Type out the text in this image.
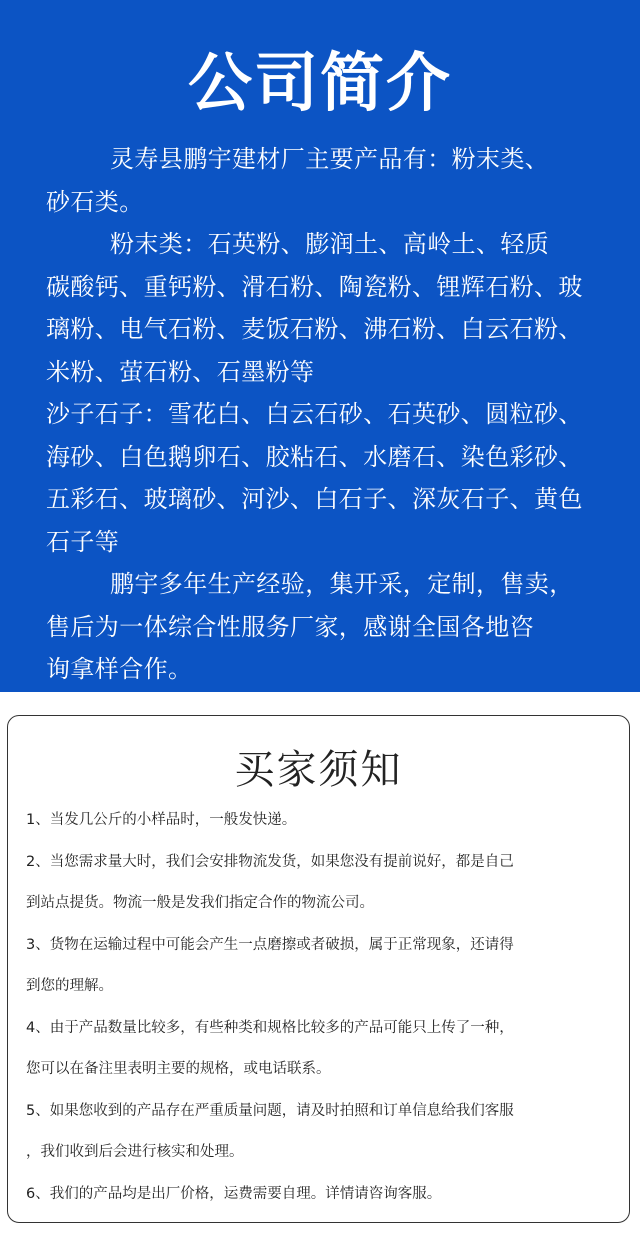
公司简介

灵寿县鹏宇建材厂主要产品有：粉末类、
砂石类。

粉末类：石英粉、膨润土、高岭土、轻质
碳酸钙、重钙粉、滑石粉、陶瓷粉、锂辉石粉、玻
璃粉、电气石粉、麦饭石粉、沸石粉、白云石粉、
米粉、萤石粉、石墨粉等

沙子石子：雪花白、白云石砂、石英砂、圆粒砂、
海砂、白色鹅卵石、胶粘石、水磨石、染色彩砂、
五彩石、玻璃砂、河沙、白石子、深灰石子、黄色
石子等

鹏宇多年生产经验，集开采，定制，售卖，
售后为一体综合性服务厂家，感谢全国各地咨
询拿样合作。

买家须知
1、当发几公斤的小样品时，一般发快递。
2、当您需求量大时，我们会安排物流发货，如果您没有提前说好，都是自己
到站点提货。物流一般是发我们指定合作的物流公司。
3、货物在运输过程中可能会产生一点磨擦或者破损，属于正常现象，还请得
到您的理解。
4、由于产品数量比较多，有些种类和规格比较多的产品可能只上传了一种，
您可以在备注里表明主要的规格，或电话联系。
5、如果您收到的产品存在严重质量问题，请及时拍照和订单信息给我们客服
，我们收到后会进行核实和处理。
6、我们的产品均是出厂价格，运费需要自理。详情请咨询客服。
